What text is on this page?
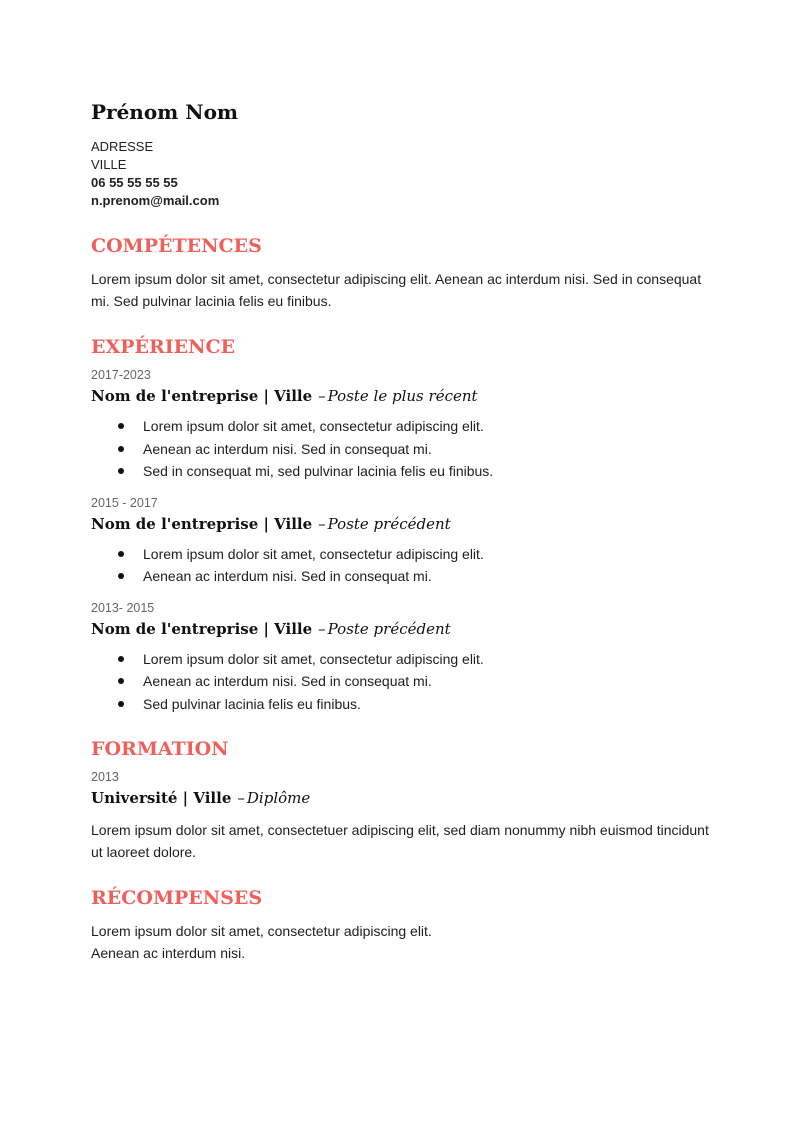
Prénom Nom
ADRESSE
VILLE
06 55 55 55 55
n.prenom@mail.com
COMPÉTENCES

Lorem ipsum dolor sit amet, consectetur adipiscing elit. Aenean ac interdum nisi. Sed in consequat mi. Sed pulvinar lacinia felis eu finibus.

EXPÉRIENCE

2017-2023

Nom de l'entreprise | Ville – Poste le plus récent

Lorem ipsum dolor sit amet, consectetur adipiscing elit.
Aenean ac interdum nisi. Sed in consequat mi.
Sed in consequat mi, sed pulvinar lacinia felis eu finibus.

2015 - 2017

Nom de l'entreprise | Ville – Poste précédent

Lorem ipsum dolor sit amet, consectetur adipiscing elit.
Aenean ac interdum nisi. Sed in consequat mi.

2013- 2015

Nom de l'entreprise | Ville – Poste précédent

Lorem ipsum dolor sit amet, consectetur adipiscing elit.
Aenean ac interdum nisi. Sed in consequat mi.
Sed pulvinar lacinia felis eu finibus.
FORMATION

2013

Université | Ville – Diplôme

Lorem ipsum dolor sit amet, consectetuer adipiscing elit, sed diam nonummy nibh euismod tincidunt ut laoreet dolore.

RÉCOMPENSES

Lorem ipsum dolor sit amet, consectetur adipiscing elit.

Aenean ac interdum nisi.
